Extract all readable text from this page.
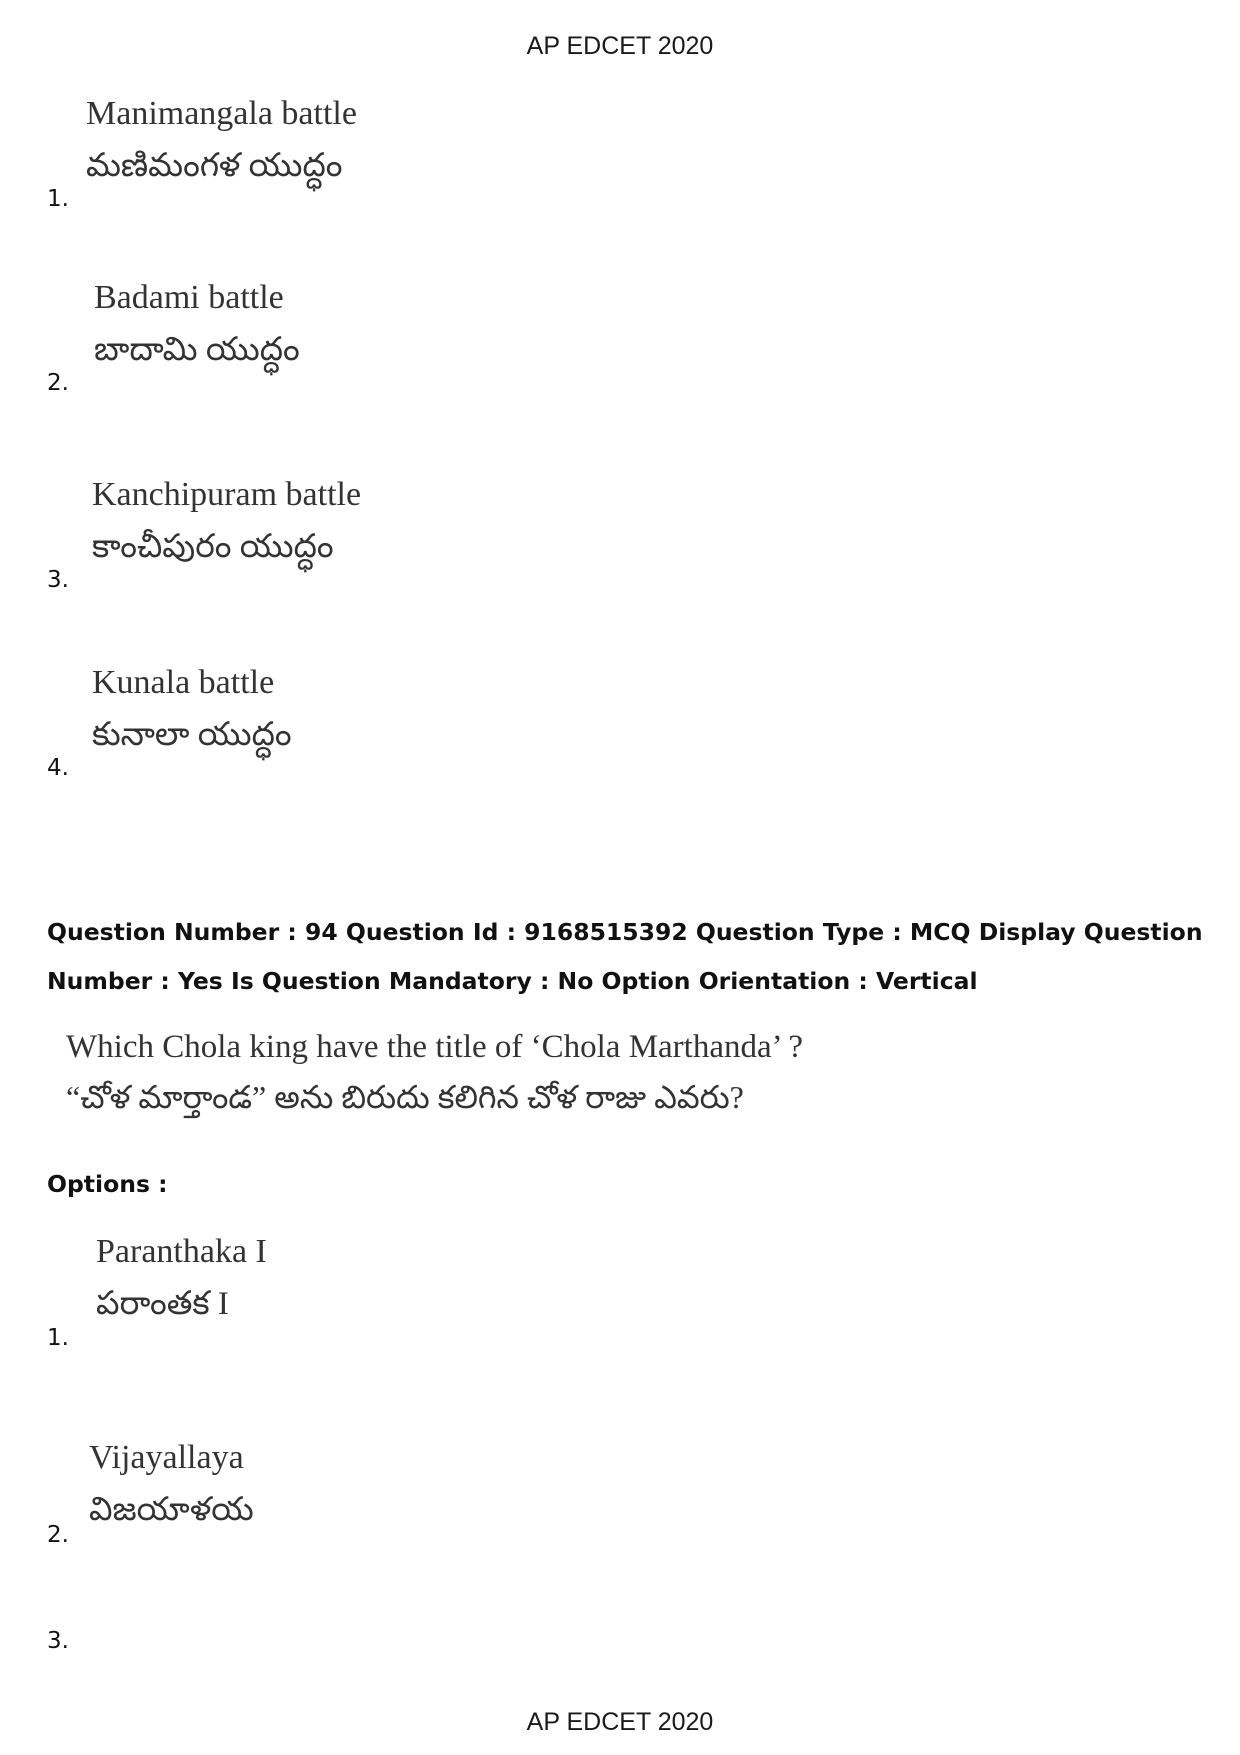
AP EDCET 2020
Manimangala battle
మణిమంగళ యుద్ధం
1.
Badami battle
బాదామి యుద్ధం
2.
Kanchipuram battle
కాంచీపురం యుద్ధం
3.
Kunala battle
కునాలా యుద్ధం
4.
Question Number : 94 Question Id : 9168515392 Question Type : MCQ Display Question
Number : Yes Is Question Mandatory : No Option Orientation : Vertical
Which Chola king have the title of ‘Chola Marthanda’ ?
“చోళ మార్తాండ” అను బిరుదు కలిగిన చోళ రాజు ఎవరు?
Options :
Paranthaka I
పరాంతక I
1.
Vijayallaya
విజయాళయ
2.
3.
AP EDCET 2020
